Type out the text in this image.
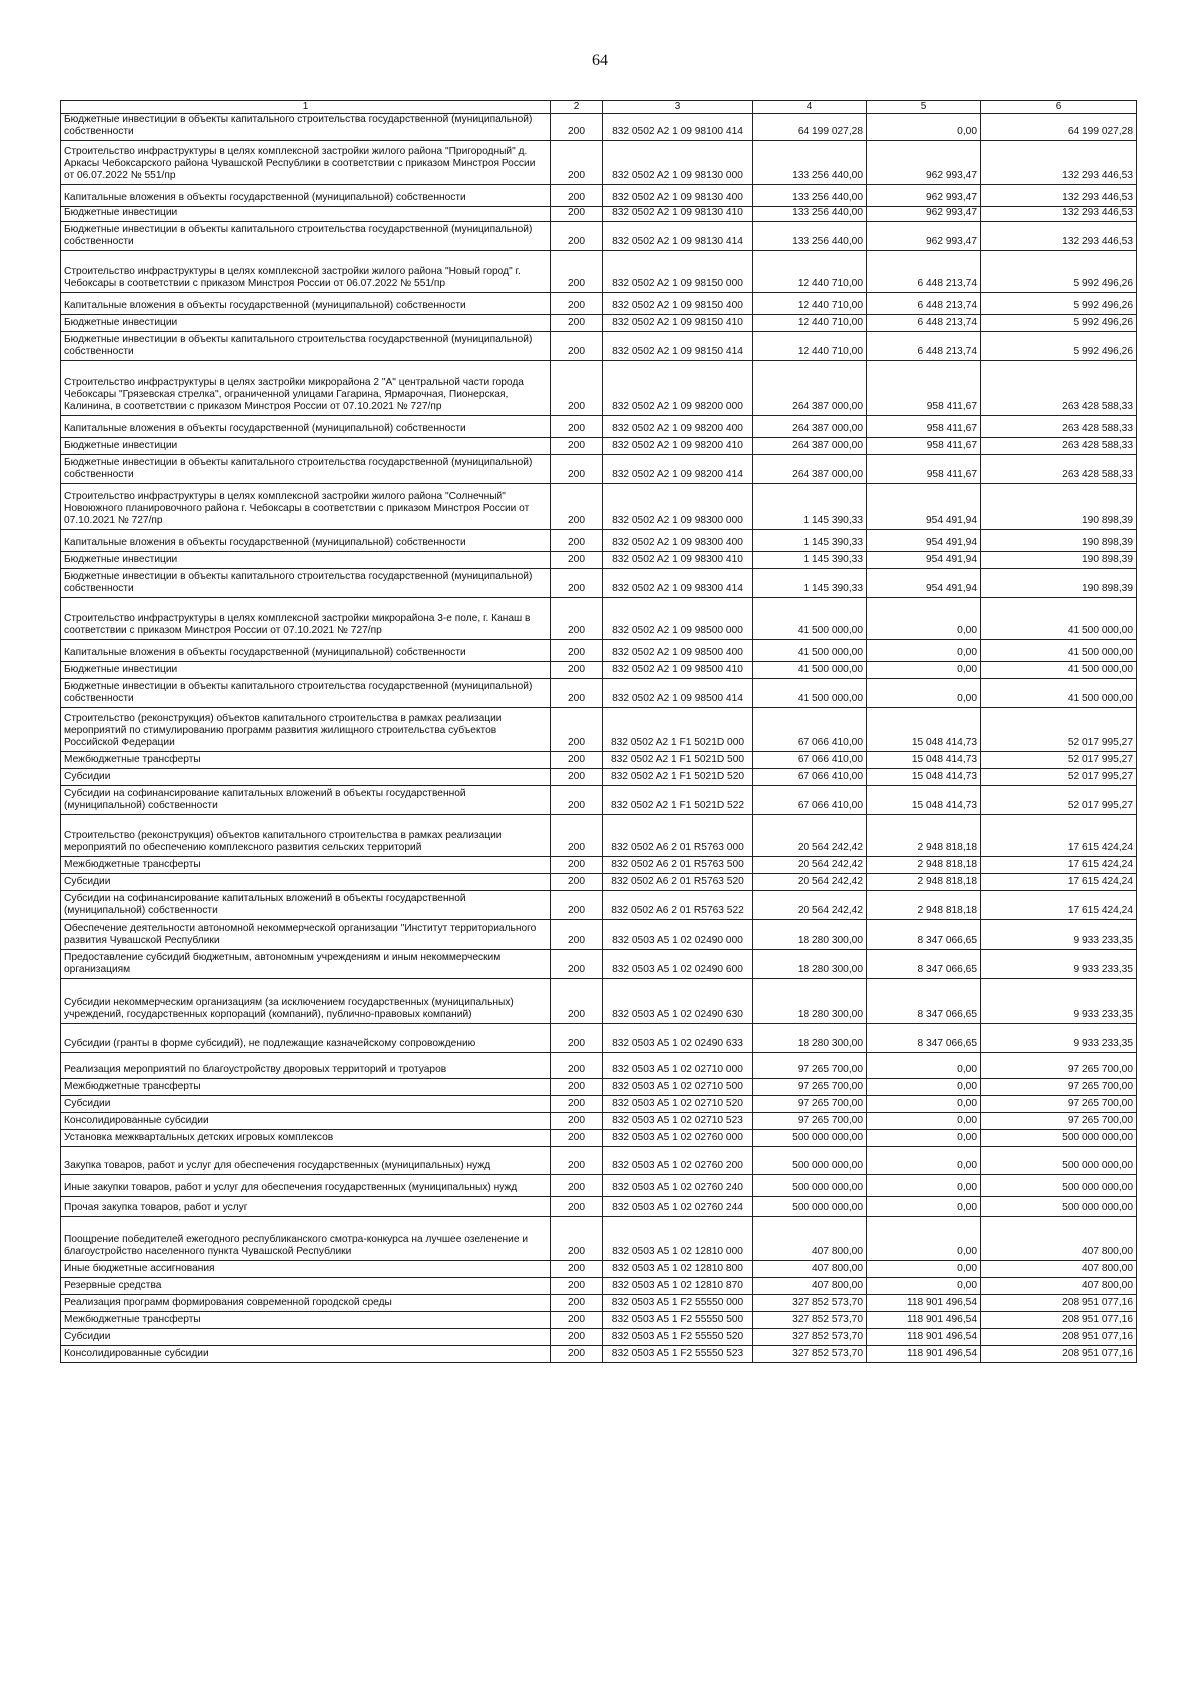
64
1	2	3	4	5	6
Бюджетные инвестиции в объекты капитального строительства государственной (муниципальной) собственности	200	832 0502 A2 1 09 98100 414	64 199 027,28	0,00	64 199 027,28
Строительство инфраструктуры в целях комплексной застройки жилого района "Пригородный" д. Аркасы Чебоксарского района Чувашской Республики в соответствии с приказом Минстроя России от 06.07.2022 № 551/пр	200	832 0502 A2 1 09 98130 000	133 256 440,00	962 993,47	132 293 446,53
Капитальные вложения в объекты государственной (муниципальной) собственности	200	832 0502 A2 1 09 98130 400	133 256 440,00	962 993,47	132 293 446,53
Бюджетные инвестиции	200	832 0502 A2 1 09 98130 410	133 256 440,00	962 993,47	132 293 446,53
Бюджетные инвестиции в объекты капитального строительства государственной (муниципальной) собственности	200	832 0502 A2 1 09 98130 414	133 256 440,00	962 993,47	132 293 446,53
Строительство инфраструктуры в целях комплексной застройки жилого района "Новый город" г. Чебоксары в соответствии с приказом Минстроя России от 06.07.2022 № 551/пр	200	832 0502 A2 1 09 98150 000	12 440 710,00	6 448 213,74	5 992 496,26
Капитальные вложения в объекты государственной (муниципальной) собственности	200	832 0502 A2 1 09 98150 400	12 440 710,00	6 448 213,74	5 992 496,26
Бюджетные инвестиции	200	832 0502 A2 1 09 98150 410	12 440 710,00	6 448 213,74	5 992 496,26
Бюджетные инвестиции в объекты капитального строительства государственной (муниципальной) собственности	200	832 0502 A2 1 09 98150 414	12 440 710,00	6 448 213,74	5 992 496,26
Строительство инфраструктуры в целях застройки микрорайона 2 "А" центральной части города Чебоксары "Грязевская стрелка", ограниченной улицами Гагарина, Ярмарочная, Пионерская, Калинина, в соответствии с приказом Минстроя России от 07.10.2021 № 727/пр	200	832 0502 A2 1 09 98200 000	264 387 000,00	958 411,67	263 428 588,33
Капитальные вложения в объекты государственной (муниципальной) собственности	200	832 0502 A2 1 09 98200 400	264 387 000,00	958 411,67	263 428 588,33
Бюджетные инвестиции	200	832 0502 A2 1 09 98200 410	264 387 000,00	958 411,67	263 428 588,33
Бюджетные инвестиции в объекты капитального строительства государственной (муниципальной) собственности	200	832 0502 A2 1 09 98200 414	264 387 000,00	958 411,67	263 428 588,33
Строительство инфраструктуры в целях комплексной застройки жилого района "Солнечный" Новоюжного планировочного района г. Чебоксары в соответствии с приказом Минстроя России от 07.10.2021 № 727/пр	200	832 0502 A2 1 09 98300 000	1 145 390,33	954 491,94	190 898,39
Капитальные вложения в объекты государственной (муниципальной) собственности	200	832 0502 A2 1 09 98300 400	1 145 390,33	954 491,94	190 898,39
Бюджетные инвестиции	200	832 0502 A2 1 09 98300 410	1 145 390,33	954 491,94	190 898,39
Бюджетные инвестиции в объекты капитального строительства государственной (муниципальной) собственности	200	832 0502 A2 1 09 98300 414	1 145 390,33	954 491,94	190 898,39
Строительство инфраструктуры в целях комплексной застройки микрорайона 3-е поле, г. Канаш в соответствии с приказом Минстроя России от 07.10.2021 № 727/пр	200	832 0502 A2 1 09 98500 000	41 500 000,00	0,00	41 500 000,00
Капитальные вложения в объекты государственной (муниципальной) собственности	200	832 0502 A2 1 09 98500 400	41 500 000,00	0,00	41 500 000,00
Бюджетные инвестиции	200	832 0502 A2 1 09 98500 410	41 500 000,00	0,00	41 500 000,00
Бюджетные инвестиции в объекты капитального строительства государственной (муниципальной) собственности	200	832 0502 A2 1 09 98500 414	41 500 000,00	0,00	41 500 000,00
Строительство (реконструкция) объектов капитального строительства в рамках реализации мероприятий по стимулированию программ развития жилищного строительства субъектов Российской Федерации	200	832 0502 A2 1 F1 5021D 000	67 066 410,00	15 048 414,73	52 017 995,27
Межбюджетные трансферты	200	832 0502 A2 1 F1 5021D 500	67 066 410,00	15 048 414,73	52 017 995,27
Субсидии	200	832 0502 A2 1 F1 5021D 520	67 066 410,00	15 048 414,73	52 017 995,27
Субсидии на софинансирование капитальных вложений в объекты государственной (муниципальной) собственности	200	832 0502 A2 1 F1 5021D 522	67 066 410,00	15 048 414,73	52 017 995,27
Строительство (реконструкция) объектов капитального строительства в рамках реализации мероприятий по обеспечению комплексного развития сельских территорий	200	832 0502 A6 2 01 R5763 000	20 564 242,42	2 948 818,18	17 615 424,24
Межбюджетные трансферты	200	832 0502 A6 2 01 R5763 500	20 564 242,42	2 948 818,18	17 615 424,24
Субсидии	200	832 0502 A6 2 01 R5763 520	20 564 242,42	2 948 818,18	17 615 424,24
Субсидии на софинансирование капитальных вложений в объекты государственной (муниципальной) собственности	200	832 0502 A6 2 01 R5763 522	20 564 242,42	2 948 818,18	17 615 424,24
Обеспечение деятельности автономной некоммерческой организации "Институт территориального развития Чувашской Республики	200	832 0503 A5 1 02 02490 000	18 280 300,00	8 347 066,65	9 933 233,35
Предоставление субсидий бюджетным, автономным учреждениям и иным некоммерческим организациям	200	832 0503 A5 1 02 02490 600	18 280 300,00	8 347 066,65	9 933 233,35
Субсидии некоммерческим организациям (за исключением государственных (муниципальных) учреждений, государственных корпораций (компаний), публично-правовых компаний)	200	832 0503 A5 1 02 02490 630	18 280 300,00	8 347 066,65	9 933 233,35
Субсидии (гранты в форме субсидий), не подлежащие казначейскому сопровождению	200	832 0503 A5 1 02 02490 633	18 280 300,00	8 347 066,65	9 933 233,35
Реализация мероприятий по благоустройству дворовых территорий и тротуаров	200	832 0503 A5 1 02 02710 000	97 265 700,00	0,00	97 265 700,00
Межбюджетные трансферты	200	832 0503 A5 1 02 02710 500	97 265 700,00	0,00	97 265 700,00
Субсидии	200	832 0503 A5 1 02 02710 520	97 265 700,00	0,00	97 265 700,00
Консолидированные субсидии	200	832 0503 A5 1 02 02710 523	97 265 700,00	0,00	97 265 700,00
Установка межквартальных детских игровых комплексов	200	832 0503 A5 1 02 02760 000	500 000 000,00	0,00	500 000 000,00
Закупка товаров, работ и услуг для обеспечения государственных (муниципальных) нужд	200	832 0503 A5 1 02 02760 200	500 000 000,00	0,00	500 000 000,00
Иные закупки товаров, работ и услуг для обеспечения государственных (муниципальных) нужд	200	832 0503 A5 1 02 02760 240	500 000 000,00	0,00	500 000 000,00
Прочая закупка товаров, работ и услуг	200	832 0503 A5 1 02 02760 244	500 000 000,00	0,00	500 000 000,00
Поощрение победителей ежегодного республиканского смотра-конкурса на лучшее озеленение и благоустройство населенного пункта Чувашской Республики	200	832 0503 A5 1 02 12810 000	407 800,00	0,00	407 800,00
Иные бюджетные ассигнования	200	832 0503 A5 1 02 12810 800	407 800,00	0,00	407 800,00
Резервные средства	200	832 0503 A5 1 02 12810 870	407 800,00	0,00	407 800,00
Реализация программ формирования современной городской среды	200	832 0503 A5 1 F2 55550 000	327 852 573,70	118 901 496,54	208 951 077,16
Межбюджетные трансферты	200	832 0503 A5 1 F2 55550 500	327 852 573,70	118 901 496,54	208 951 077,16
Субсидии	200	832 0503 A5 1 F2 55550 520	327 852 573,70	118 901 496,54	208 951 077,16
Консолидированные субсидии	200	832 0503 A5 1 F2 55550 523	327 852 573,70	118 901 496,54	208 951 077,16
